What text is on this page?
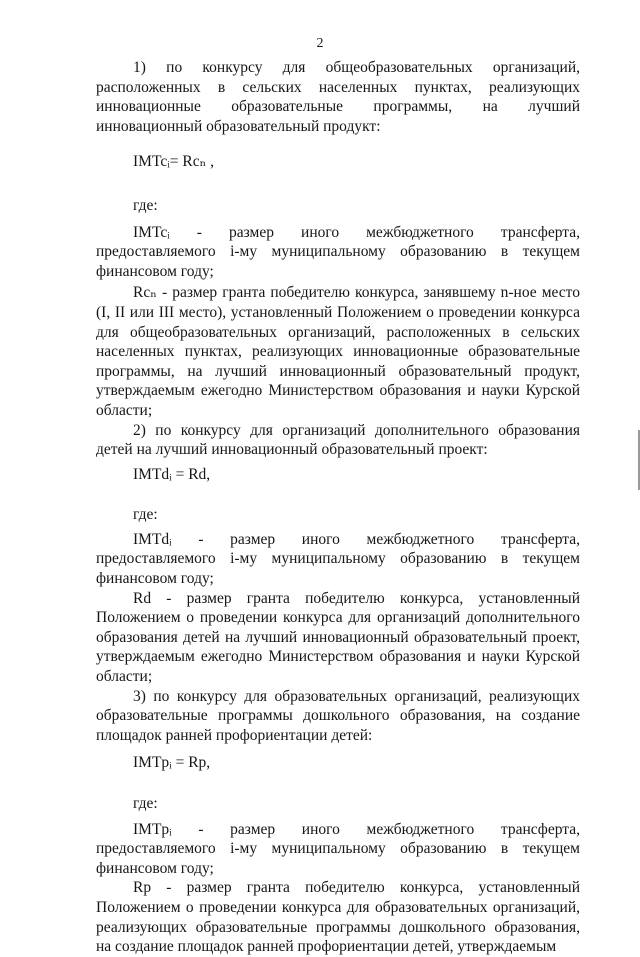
2

1)    по    конкурсу    для    общеобразовательных    организаций, расположенных в сельских населенных пунктах, реализующих инновационные образовательные программы, на лучший инновационный образовательный продукт:

IMTcᵢ= Rcₙ ,

где:

IMTcᵢ - размер иного межбюджетного трансферта, предоставляемого i-му муниципальному образованию в текущем финансовом году;

Rcₙ - размер гранта победителю конкурса, занявшему n-ное место (I, II или III место), установленный Положением о проведении конкурса для общеобразовательных организаций, расположенных в сельских населенных пунктах, реализующих инновационные образовательные программы, на лучший инновационный образовательный продукт, утверждаемым ежегодно Министерством образования и науки Курской области;

2) по конкурсу для организаций дополнительного образования детей на лучший инновационный образовательный проект:

IMTdᵢ = Rd,

где:

IMTdᵢ - размер иного межбюджетного трансферта, предоставляемого i-му муниципальному образованию в текущем финансовом году;

Rd - размер гранта победителю конкурса, установленный Положением о проведении конкурса для организаций дополнительного образования детей на лучший инновационный образовательный проект, утверждаемым ежегодно Министерством образования и науки Курской области;

3) по конкурсу для образовательных организаций, реализующих образовательные программы дошкольного образования, на создание площадок ранней профориентации детей:

IMTpᵢ = Rp,

где:

IMTpᵢ - размер иного межбюджетного трансферта, предоставляемого i-му муниципальному образованию в текущем финансовом году;

Rp - размер гранта победителю конкурса, установленный Положением о проведении конкурса для образовательных организаций, реализующих образовательные программы дошкольного образования, на создание площадок ранней профориентации детей, утверждаемым
